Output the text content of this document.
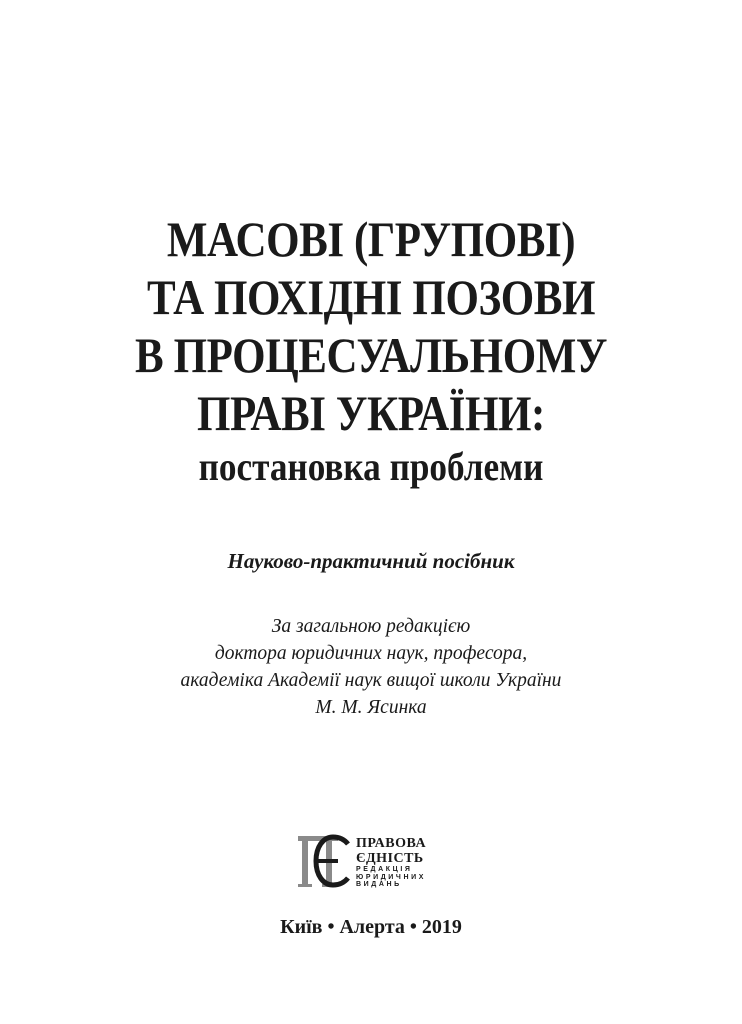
МАСОВІ (ГРУПОВІ)
ТА ПОХІДНІ ПОЗОВИ
В ПРОЦЕСУАЛЬНОМУ
ПРАВІ УКРАЇНИ:
постановка проблеми
Науково-практичний посібник
За загальною редакцією
доктора юридичних наук, професора,
академіка Академії наук вищої школи України
М. М. Ясинка
ПРАВОВА
ЄДНІСТЬ
РЕДАКЦІЯ
ЮРИДИЧНИХ
ВИДАНЬ
Київ • Алерта • 2019
